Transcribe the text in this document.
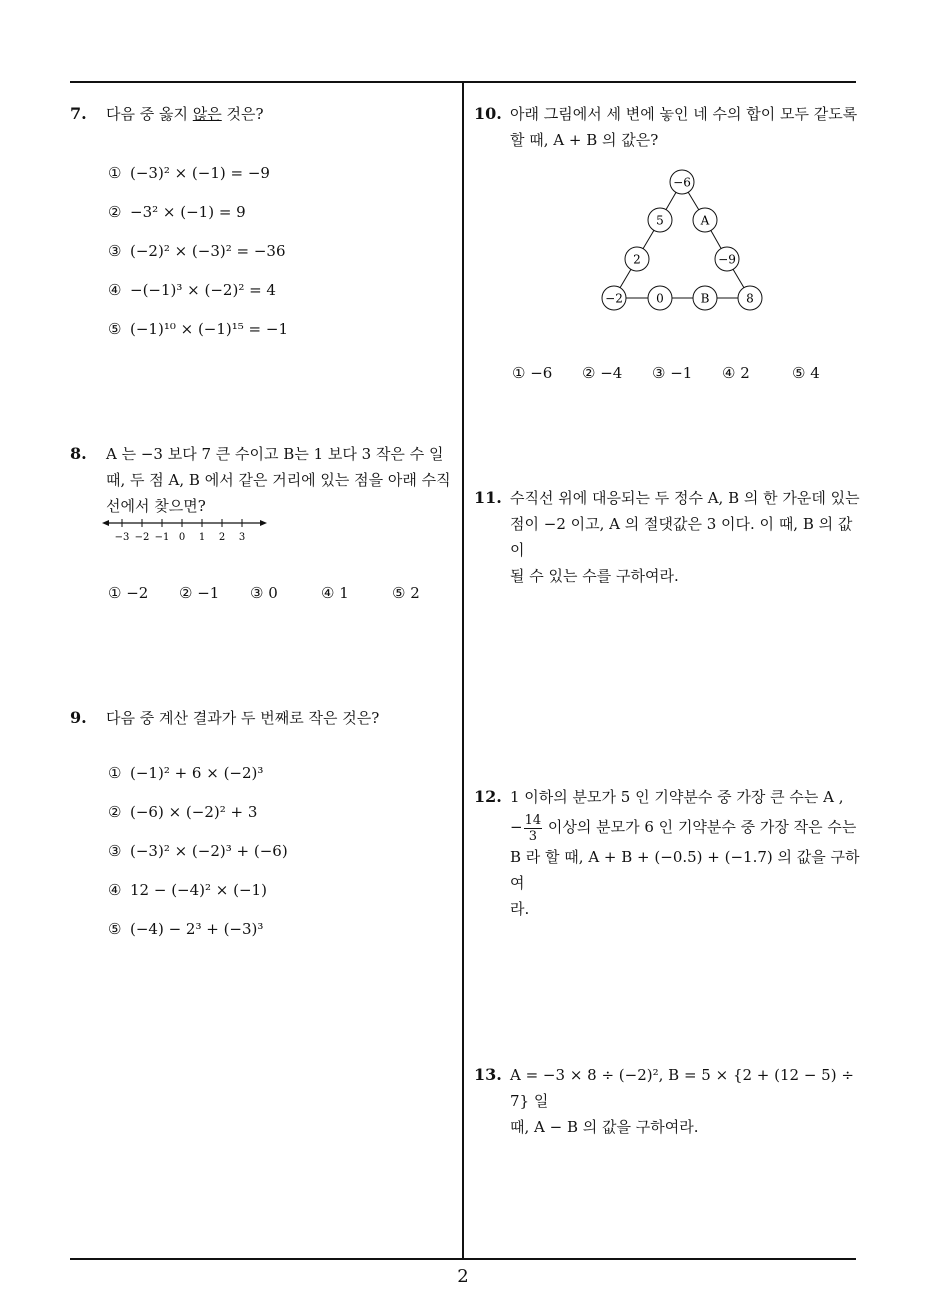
7. 다음 중 옳지 않은 것은?
① (−3)² × (−1) = −9
② −3² × (−1) = 9
③ (−2)² × (−3)² = −36
④ −(−1)³ × (−2)² = 4
⑤ (−1)¹⁰ × (−1)¹⁵ = −1
8. A 는 −3 보다 7 큰 수이고 B는 1 보다 3 작은 수 일
때, 두 점 A, B 에서 같은 거리에 있는 점을 아래 수직
선에서 찾으면?
−3 −2 −1 0 1 2 3
① −2 ② −1 ③ 0	④ 1	⑤ 2
9. 다음 중 계산 결과가 두 번째로 작은 것은?
① (−1)² + 6 × (−2)³
② (−6) × (−2)² + 3
③ (−3)² × (−2)³ + (−6)
④ 12 − (−4)² × (−1)
⑤ (−4) − 2³ + (−3)³
10. 아래 그림에서 세 변에 놓인 네 수의 합이 모두 같도록
할 때, A + B 의 값은?
−6
5	A
2	−9
−2	0	B	8
① −6 ② −4 ③ −1 ④ 2	⑤ 4
11. 수직선 위에 대응되는 두 정수 A, B 의 한 가운데 있는
점이 −2 이고, A 의 절댓값은 3 이다. 이 때, B 의 값이
될 수 있는 수를 구하여라.
12. 1 이하의 분모가 5 인 기약분수 중 가장 큰 수는 A ,
− $\frac{14}{3}$ 이상의 분모가 6 인 기약분수 중 가장 작은 수는
B 라 할 때, A + B + (−0.5) + (−1.7) 의 값을 구하여
라.
13. A = −3 × 8 ÷ (−2)², B = 5 × {2 + (12 − 5) ÷ 7} 일
때, A − B 의 값을 구하여라.
2
